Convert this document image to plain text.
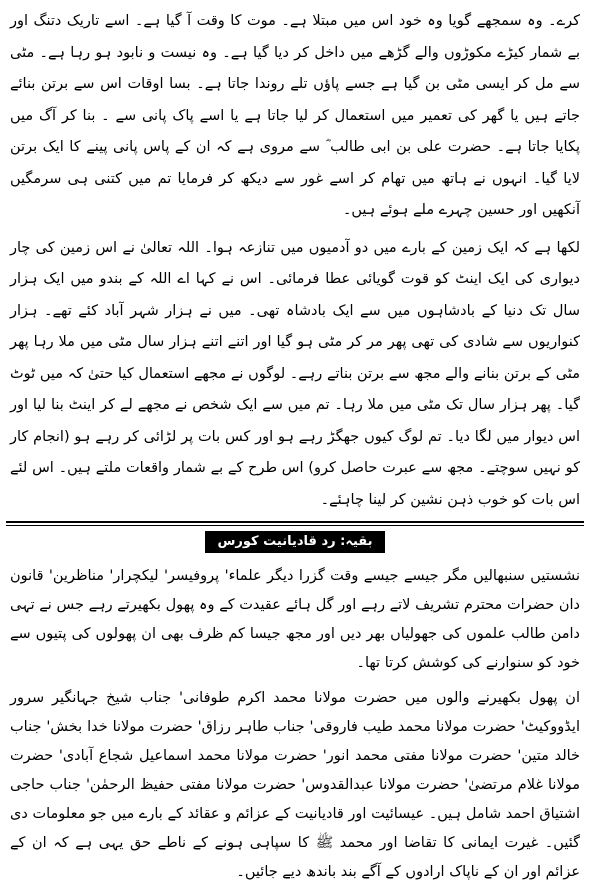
کرے۔ وہ سمجھے گویا وہ خود اس میں مبتلا ہے۔ موت کا وقت آ گیا ہے۔ اسے تاریک دتنگ اور بے شمار کیڑے مکوڑوں والے گڑھے میں داخل کر دیا گیا ہے۔ وہ نیست و نابود ہو رہا ہے۔ مٹی سے مل کر ایسی مٹی بن گیا ہے جسے پاؤں تلے روندا جاتا ہے۔ بسا اوقات اس سے برتن بنائے جاتے ہیں یا گھر کی تعمیر میں استعمال کر لیا جاتا ہے یا اسے پاک پانی سے ۔ بنا کر آگ میں پکایا جاتا ہے۔ حضرت علی بن ابی طالب ؓ سے مروی ہے کہ ان کے پاس پانی پینے کا ایک برتن لایا گیا۔ انہوں نے ہاتھ میں تھام کر اسے غور سے دیکھ کر فرمایا تم میں کتنی ہی سرمگیں آنکھیں اور حسین چہرے ملے ہوئے ہیں۔

لکھا ہے کہ ایک زمین کے بارے میں دو آدمیوں میں تنازعہ ہوا۔ اللہ تعالیٰ نے اس زمین کی چار دیواری کی ایک اینٹ کو قوت گویائی عطا فرمائی۔ اس نے کہا اے اللہ کے بندو میں ایک ہزار سال تک دنیا کے بادشاہوں میں سے ایک بادشاہ تھی۔ میں نے ہزار شہر آباد کئے تھے۔ ہزار کنواریوں سے شادی کی تھی پھر مر کر مٹی ہو گیا اور اتنے اتنے ہزار سال مٹی میں ملا رہا پھر مٹی کے برتن بنانے والے مجھ سے برتن بناتے رہے۔ لوگوں نے مجھے استعمال کیا حتیٰ کہ میں ٹوٹ گیا۔ پھر ہزار سال تک مٹی میں ملا رہا۔ تم میں سے ایک شخص نے مجھے لے کر اینٹ بنا لیا اور اس دیوار میں لگا دیا۔ تم لوگ کیوں جھگڑ رہے ہو اور کس بات پر لڑائی کر رہے ہو (انجام کار کو نہیں سوچتے۔ مجھ سے عبرت حاصل کرو) اس طرح کے بے شمار واقعات ملتے ہیں۔ اس لئے اس بات کو خوب ذہن نشین کر لینا چاہئے۔

بقیہ: رد قادیانیت کورس

نشستیں سنبھالیں مگر جیسے جیسے وقت گزرا دیگر علماء' پروفیسر' لیکچرار' مناظرین' قانون دان حضرات محترم تشریف لاتے رہے اور گل ہائے عقیدت کے وہ پھول بکھیرتے رہے جس نے تہی دامن طالب علموں کی جھولیاں بھر دیں اور مجھ جیسا کم ظرف بھی ان پھولوں کی پتیوں سے خود کو سنوارنے کی کوشش کرتا تھا۔

ان پھول بکھیرنے والوں میں حضرت مولانا محمد اکرم طوفانی' جناب شیخ جہانگیر سرور ایڈووکیٹ' حضرت مولانا محمد طیب فاروقی' جناب طاہر رزاق' حضرت مولانا خدا بخش' جناب خالد متین' حضرت مولانا مفتی محمد انور' حضرت مولانا محمد اسماعیل شجاع آبادی' حضرت مولانا غلام مرتضیٰ' حضرت مولانا عبدالقدوس' حضرت مولانا مفتی حفیظ الرحمٰن' جناب حاجی اشتیاق احمد شامل ہیں۔ عیسائیت اور قادیانیت کے عزائم و عقائد کے بارے میں جو معلومات دی گئیں۔ غیرت ایمانی کا تقاضا اور محمد ﷺ کا سپاہی ہونے کے ناطے حق یہی ہے کہ ان کے عزائم اور ان کے ناپاک ارادوں کے آگے بند باندھ دیے جائیں۔
